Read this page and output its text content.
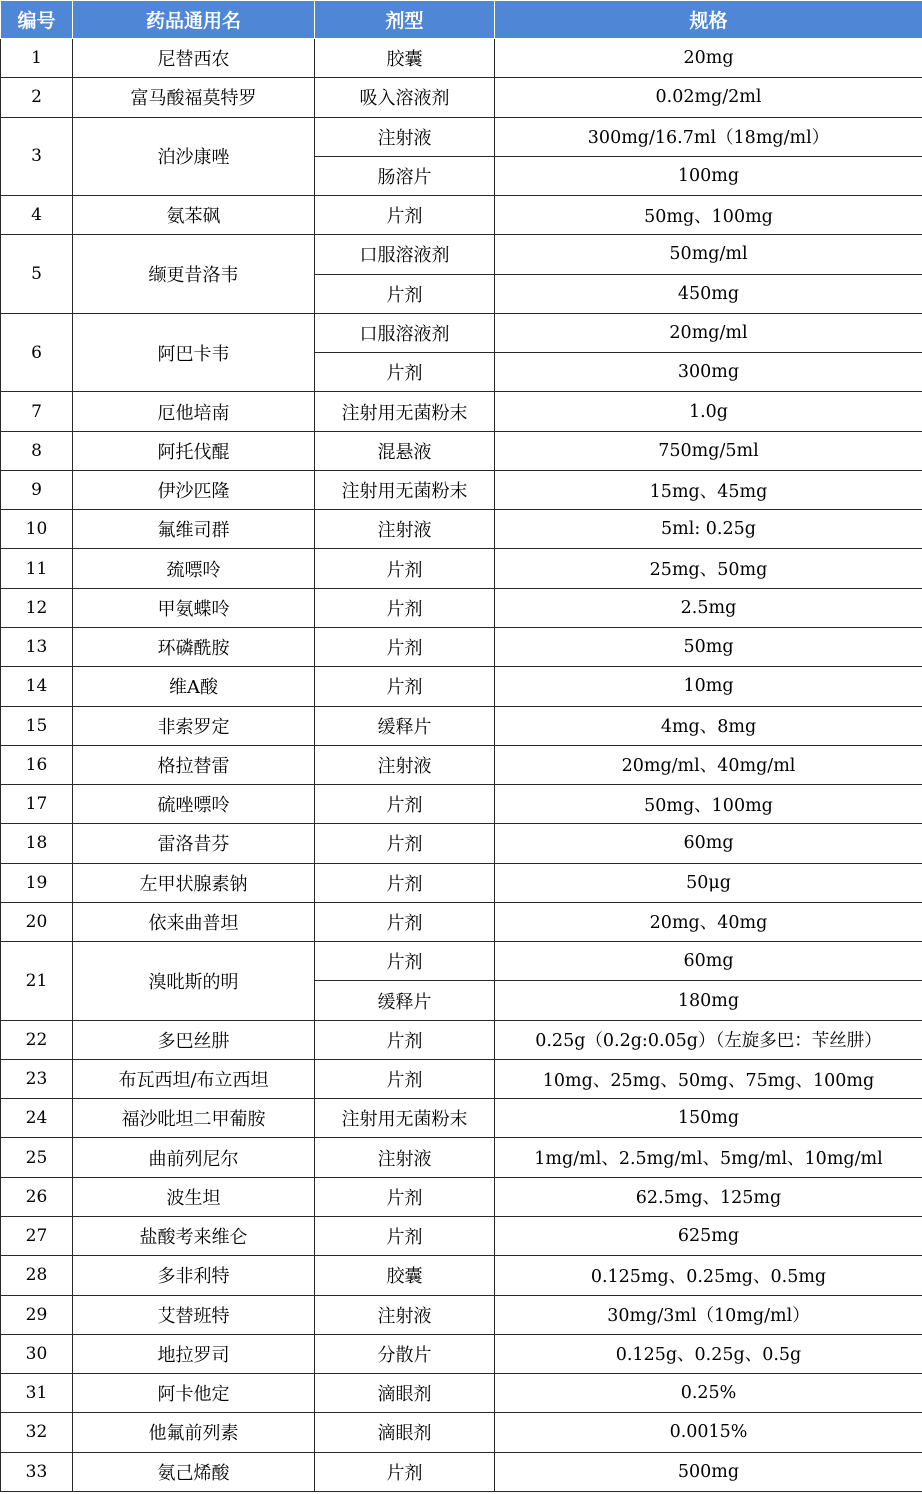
编号	药品通用名	剂型	规格
1	尼替西农	胶囊	20mg
2	富马酸福莫特罗	吸入溶液剂	0.02mg/2ml
3	泊沙康唑	注射液	300mg/16.7ml（18mg/ml）
		肠溶片	100mg
4	氨苯砜	片剂	50mg、100mg
5	缬更昔洛韦	口服溶液剂	50mg/ml
		片剂	450mg
6	阿巴卡韦	口服溶液剂	20mg/ml
		片剂	300mg
7	厄他培南	注射用无菌粉末	1.0g
8	阿托伐醌	混悬液	750mg/5ml
9	伊沙匹隆	注射用无菌粉末	15mg、45mg
10	氟维司群	注射液	5ml: 0.25g
11	巯嘌呤	片剂	25mg、50mg
12	甲氨蝶呤	片剂	2.5mg
13	环磷酰胺	片剂	50mg
14	维A酸	片剂	10mg
15	非索罗定	缓释片	4mg、8mg
16	格拉替雷	注射液	20mg/ml、40mg/ml
17	硫唑嘌呤	片剂	50mg、100mg
18	雷洛昔芬	片剂	60mg
19	左甲状腺素钠	片剂	50μg
20	依来曲普坦	片剂	20mg、40mg
21	溴吡斯的明	片剂	60mg
		缓释片	180mg
22	多巴丝肼	片剂	0.25g（0.2g:0.05g）（左旋多巴：苄丝肼）
23	布瓦西坦/布立西坦	片剂	10mg、25mg、50mg、75mg、100mg
24	福沙吡坦二甲葡胺	注射用无菌粉末	150mg
25	曲前列尼尔	注射液	1mg/ml、2.5mg/ml、5mg/ml、10mg/ml
26	波生坦	片剂	62.5mg、125mg
27	盐酸考来维仑	片剂	625mg
28	多非利特	胶囊	0.125mg、0.25mg、0.5mg
29	艾替班特	注射液	30mg/3ml（10mg/ml）
30	地拉罗司	分散片	0.125g、0.25g、0.5g
31	阿卡他定	滴眼剂	0.25%
32	他氟前列素	滴眼剂	0.0015%
33	氨己烯酸	片剂	500mg
